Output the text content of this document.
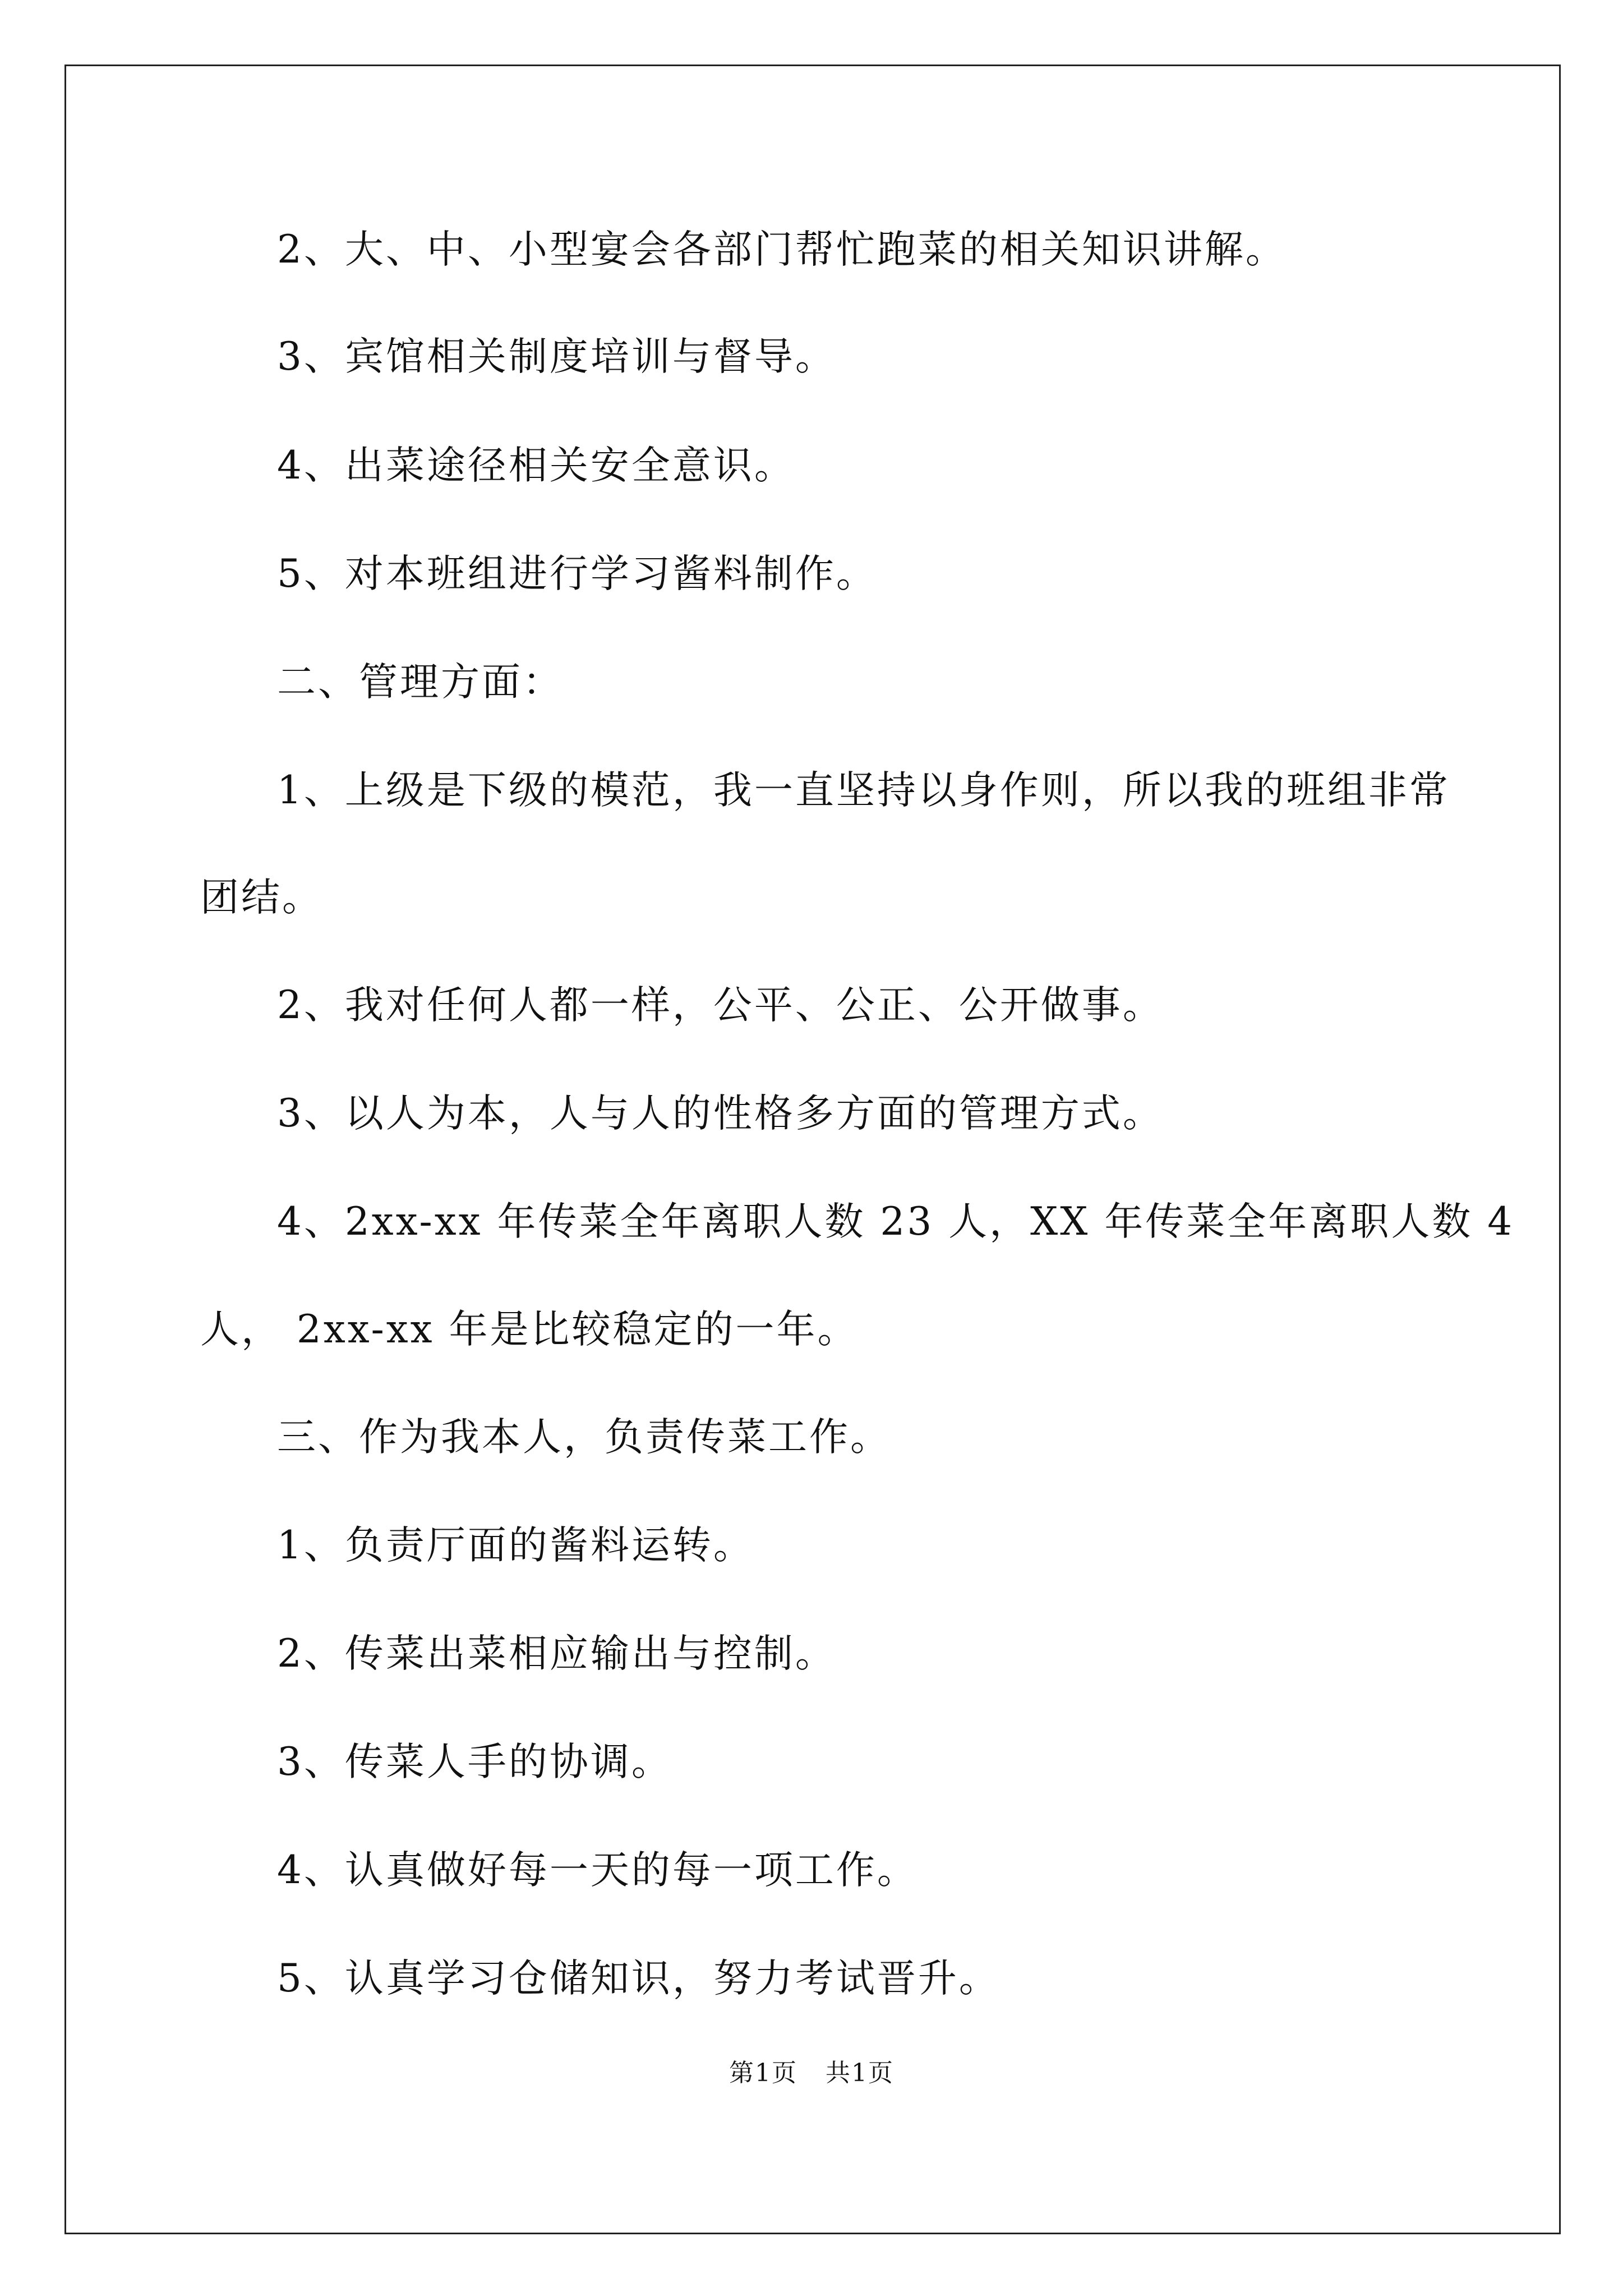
2、大、中、小型宴会各部门帮忙跑菜的相关知识讲解。
3、宾馆相关制度培训与督导。
4、出菜途径相关安全意识。
5、对本班组进行学习酱料制作。
二、管理方面：
1、上级是下级的模范，我一直坚持以身作则，所以我的班组非常
团结。
2、我对任何人都一样，公平、公正、公开做事。
3、以人为本，人与人的性格多方面的管理方式。
4、2xx-xx 年传菜全年离职人数 23 人，XX 年传菜全年离职人数 4
人， 2xx-xx 年是比较稳定的一年。
三、作为我本人，负责传菜工作。
1、负责厅面的酱料运转。
2、传菜出菜相应输出与控制。
3、传菜人手的协调。
4、认真做好每一天的每一项工作。
5、认真学习仓储知识，努力考试晋升。
第1页 共1页
